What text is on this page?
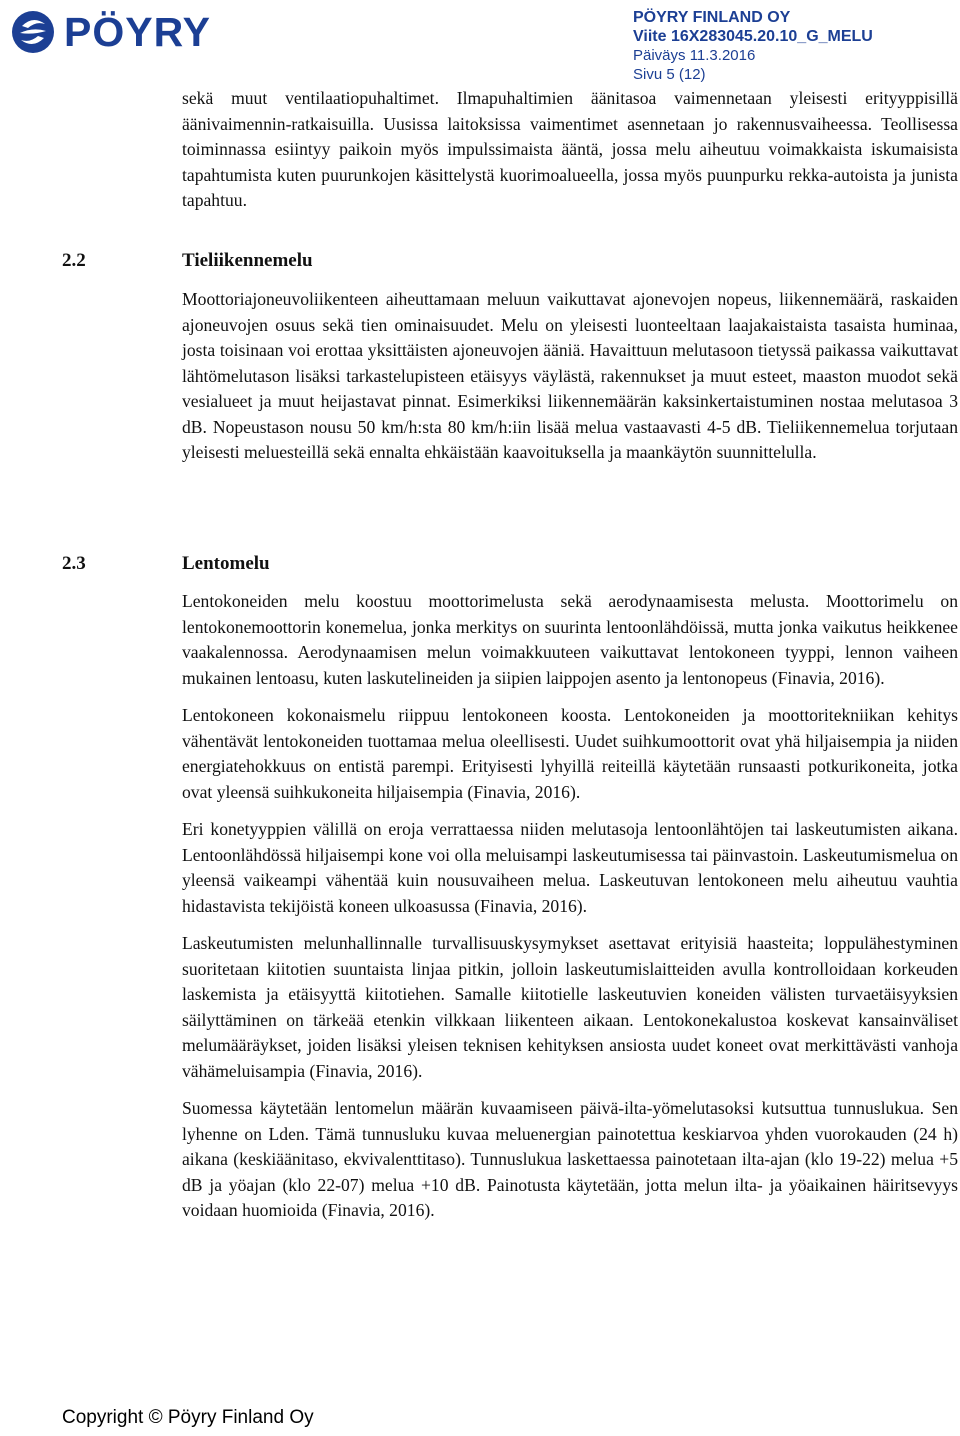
PÖYRY	PÖYRY FINLAND OY
Viite 16X283045.20.10_G_MELU
Päiväys 11.3.2016
Sivu 5 (12)

sekä muut ventilaatiopuhaltimet. Ilmapuhaltimien äänitasoa vaimennetaan yleisesti erityyppisillä äänivaimennin-ratkaisuilla. Uusissa laitoksissa vaimentimet asennetaan jo rakennusvaiheessa. Teollisessa toiminnassa esiintyy paikoin myös impulssimaista ääntä, jossa melu aiheutuu voimakkaista iskumaisista tapahtumista kuten puurunkojen käsittelystä kuorimoalueella, jossa myös puunpurku rekka-autoista ja junista tapahtuu.

2.2	Tieliikennemelu

Moottoriajoneuvoliikenteen aiheuttamaan meluun vaikuttavat ajonevojen nopeus, liikennemäärä, raskaiden ajoneuvojen osuus sekä tien ominaisuudet. Melu on yleisesti luonteeltaan laajakaistaista tasaista huminaa, josta toisinaan voi erottaa yksittäisten ajoneuvojen ääniä. Havaittuun melutasoon tietyssä paikassa vaikuttavat lähtömelutason lisäksi tarkastelupisteen etäisyys väylästä, rakennukset ja muut esteet, maaston muodot sekä vesialueet ja muut heijastavat pinnat. Esimerkiksi liikennemäärän kaksinkertaistuminen nostaa melutasoa 3 dB. Nopeustason nousu 50 km/h:sta 80 km/h:iin lisää melua vastaavasti 4-5 dB. Tieliikennemelua torjutaan yleisesti meluesteillä sekä ennalta ehkäistään kaavoituksella ja maankäytön suunnittelulla.

2.3	Lentomelu

Lentokoneiden melu koostuu moottorimelusta sekä aerodynaamisesta melusta. Moottorimelu on lentokonemoottorin konemelua, jonka merkitys on suurinta lentoonlähdöissä, mutta jonka vaikutus heikkenee vaakalennossa. Aerodynaamisen melun voimakkuuteen vaikuttavat lentokoneen tyyppi, lennon vaiheen mukainen lentoasu, kuten laskutelineiden ja siipien laippojen asento ja lentonopeus (Finavia, 2016).

Lentokoneen kokonaismelu riippuu lentokoneen koosta. Lentokoneiden ja moottoritekniikan kehitys vähentävät lentokoneiden tuottamaa melua oleellisesti. Uudet suihkumoottorit ovat yhä hiljaisempia ja niiden energiatehokkuus on entistä parempi. Erityisesti lyhyillä reiteillä käytetään runsaasti potkurikoneita, jotka ovat yleensä suihkukoneita hiljaisempia (Finavia, 2016).

Eri konetyyppien välillä on eroja verrattaessa niiden melutasoja lentoonlähtöjen tai laskeutumisten aikana. Lentoonlähdössä hiljaisempi kone voi olla meluisampi laskeutumisessa tai päinvastoin. Laskeutumismelua on yleensä vaikeampi vähentää kuin nousuvaiheen melua. Laskeutuvan lentokoneen melu aiheutuu vauhtia hidastavista tekijöistä koneen ulkoasussa (Finavia, 2016).

Laskeutumisten melunhallinnalle turvallisuuskysymykset asettavat erityisiä haasteita; loppulähestyminen suoritetaan kiitotien suuntaista linjaa pitkin, jolloin laskeutumislaitteiden avulla kontrolloidaan korkeuden laskemista ja etäisyyttä kiitotiehen. Samalle kiitotielle laskeutuvien koneiden välisten turvaetäisyyksien säilyttäminen on tärkeää etenkin vilkkaan liikenteen aikaan. Lentokonekalustoa koskevat kansainväliset melumääräykset, joiden lisäksi yleisen teknisen kehityksen ansiosta uudet koneet ovat merkittävästi vanhoja vähämeluisampia (Finavia, 2016).

Suomessa käytetään lentomelun määrän kuvaamiseen päivä-ilta-yömelutasoksi kutsuttua tunnuslukua. Sen lyhenne on Lden. Tämä tunnusluku kuvaa meluenergian painotettua keskiarvoa yhden vuorokauden (24 h) aikana (keskiäänitaso, ekvivalenttitaso). Tunnuslukua laskettaessa painotetaan ilta-ajan (klo 19-22) melua +5 dB ja yöajan (klo 22-07) melua +10 dB. Painotusta käytetään, jotta melun ilta- ja yöaikainen häiritsevyys voidaan huomioida (Finavia, 2016).

Copyright © Pöyry Finland Oy
